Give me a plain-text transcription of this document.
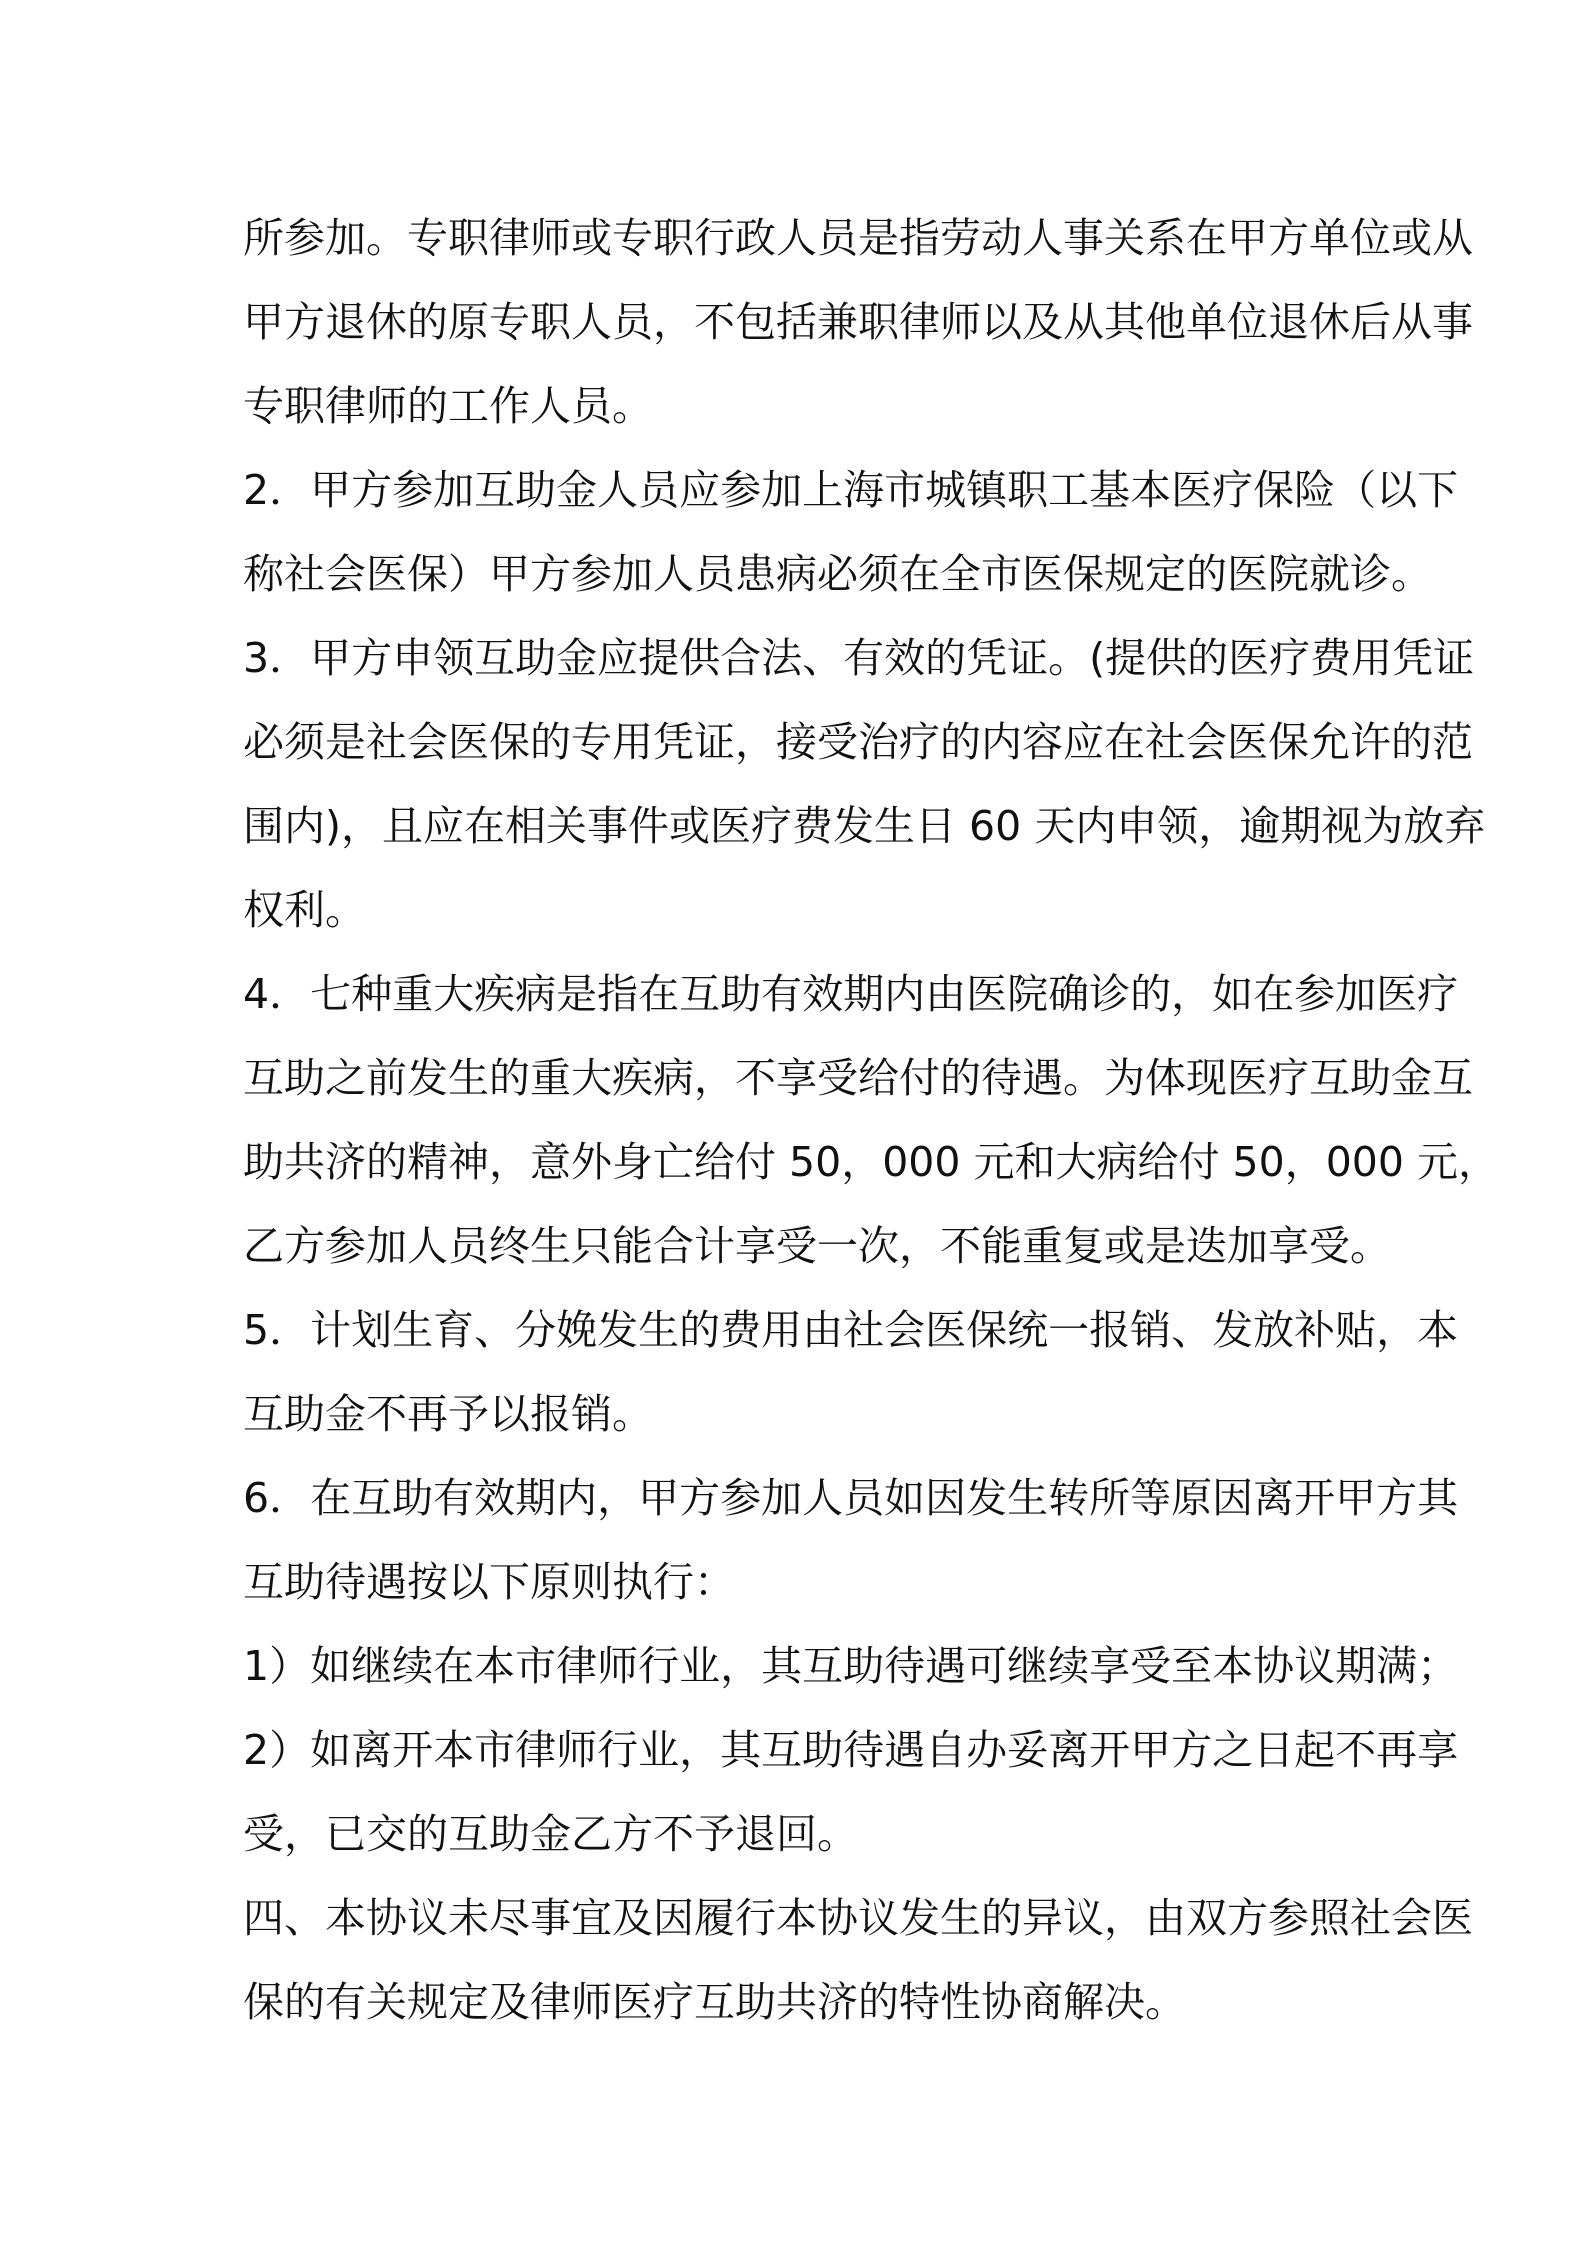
所参加。专职律师或专职行政人员是指劳动人事关系在甲方单位或从
甲方退休的原专职人员，不包括兼职律师以及从其他单位退休后从事
专职律师的工作人员。
2．甲方参加互助金人员应参加上海市城镇职工基本医疗保险（以下
称社会医保）甲方参加人员患病必须在全市医保规定的医院就诊。
3．甲方申领互助金应提供合法、有效的凭证。(提供的医疗费用凭证
必须是社会医保的专用凭证，接受治疗的内容应在社会医保允许的范
围内)，且应在相关事件或医疗费发生日 60 天内申领，逾期视为放弃
权利。
4．七种重大疾病是指在互助有效期内由医院确诊的，如在参加医疗
互助之前发生的重大疾病，不享受给付的待遇。为体现医疗互助金互
助共济的精神，意外身亡给付 50，000 元和大病给付 50，000 元，
乙方参加人员终生只能合计享受一次，不能重复或是迭加享受。
5．计划生育、分娩发生的费用由社会医保统一报销、发放补贴，本
互助金不再予以报销。
6．在互助有效期内，甲方参加人员如因发生转所等原因离开甲方其
互助待遇按以下原则执行：
1）如继续在本市律师行业，其互助待遇可继续享受至本协议期满；
2）如离开本市律师行业，其互助待遇自办妥离开甲方之日起不再享
受，已交的互助金乙方不予退回。
四、本协议未尽事宜及因履行本协议发生的异议，由双方参照社会医
保的有关规定及律师医疗互助共济的特性协商解决。
